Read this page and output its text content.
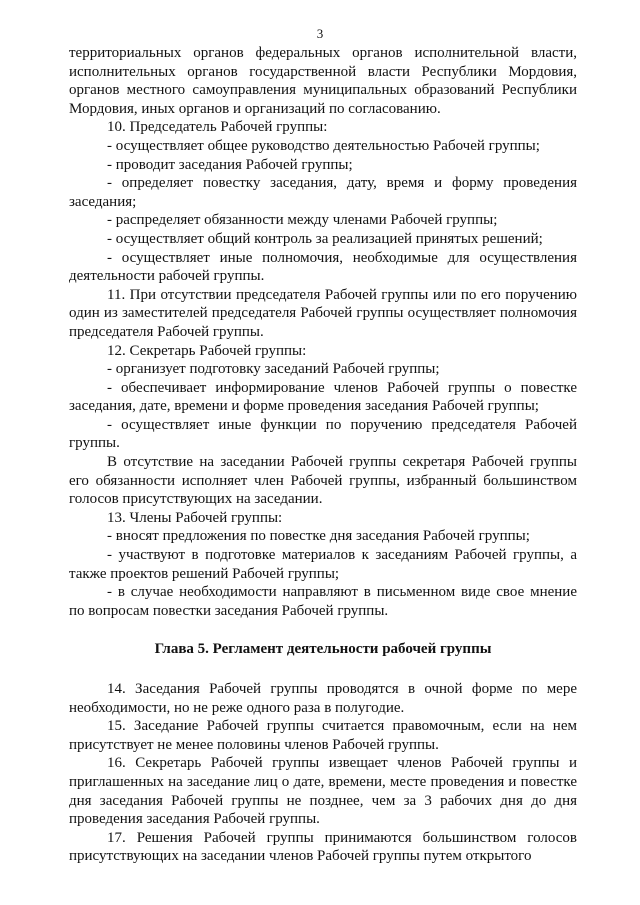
3

территориальных органов федеральных органов исполнительной власти, исполнительных органов государственной власти Республики Мордовия, органов местного самоуправления муниципальных образований Республики Мордовия, иных органов и организаций по согласованию.

10. Председатель Рабочей группы:

- осуществляет общее руководство деятельностью Рабочей группы;

- проводит заседания Рабочей группы;

- определяет повестку заседания, дату, время и форму проведения заседания;

- распределяет обязанности между членами Рабочей группы;

- осуществляет общий контроль за реализацией принятых решений;

- осуществляет иные полномочия, необходимые для осуществления деятельности рабочей группы.

11. При отсутствии председателя Рабочей группы или по его поручению один из заместителей председателя Рабочей группы осуществляет полномочия председателя Рабочей группы.

12. Секретарь Рабочей группы:

- организует подготовку заседаний Рабочей группы;

- обеспечивает информирование членов Рабочей группы о повестке заседания, дате, времени и форме проведения заседания Рабочей группы;

- осуществляет иные функции по поручению председателя Рабочей группы.

В отсутствие на заседании Рабочей группы секретаря Рабочей группы его обязанности исполняет член Рабочей группы, избранный большинством голосов присутствующих на заседании.

13. Члены Рабочей группы:

- вносят предложения по повестке дня заседания Рабочей группы;

- участвуют в подготовке материалов к заседаниям Рабочей группы, а также проектов решений Рабочей группы;

- в случае необходимости направляют в письменном виде свое мнение по вопросам повестки заседания Рабочей группы.

Глава 5. Регламент деятельности рабочей группы

14. Заседания Рабочей группы проводятся в очной форме по мере необходимости, но не реже одного раза в полугодие.

15. Заседание Рабочей группы считается правомочным, если на нем присутствует не менее половины членов Рабочей группы.

16. Секретарь Рабочей группы извещает членов Рабочей группы и приглашенных на заседание лиц о дате, времени, месте проведения и повестке дня заседания Рабочей группы не позднее, чем за 3 рабочих дня до дня проведения заседания Рабочей группы.

17. Решения Рабочей группы принимаются большинством голосов присутствующих на заседании членов Рабочей группы путем открытого
